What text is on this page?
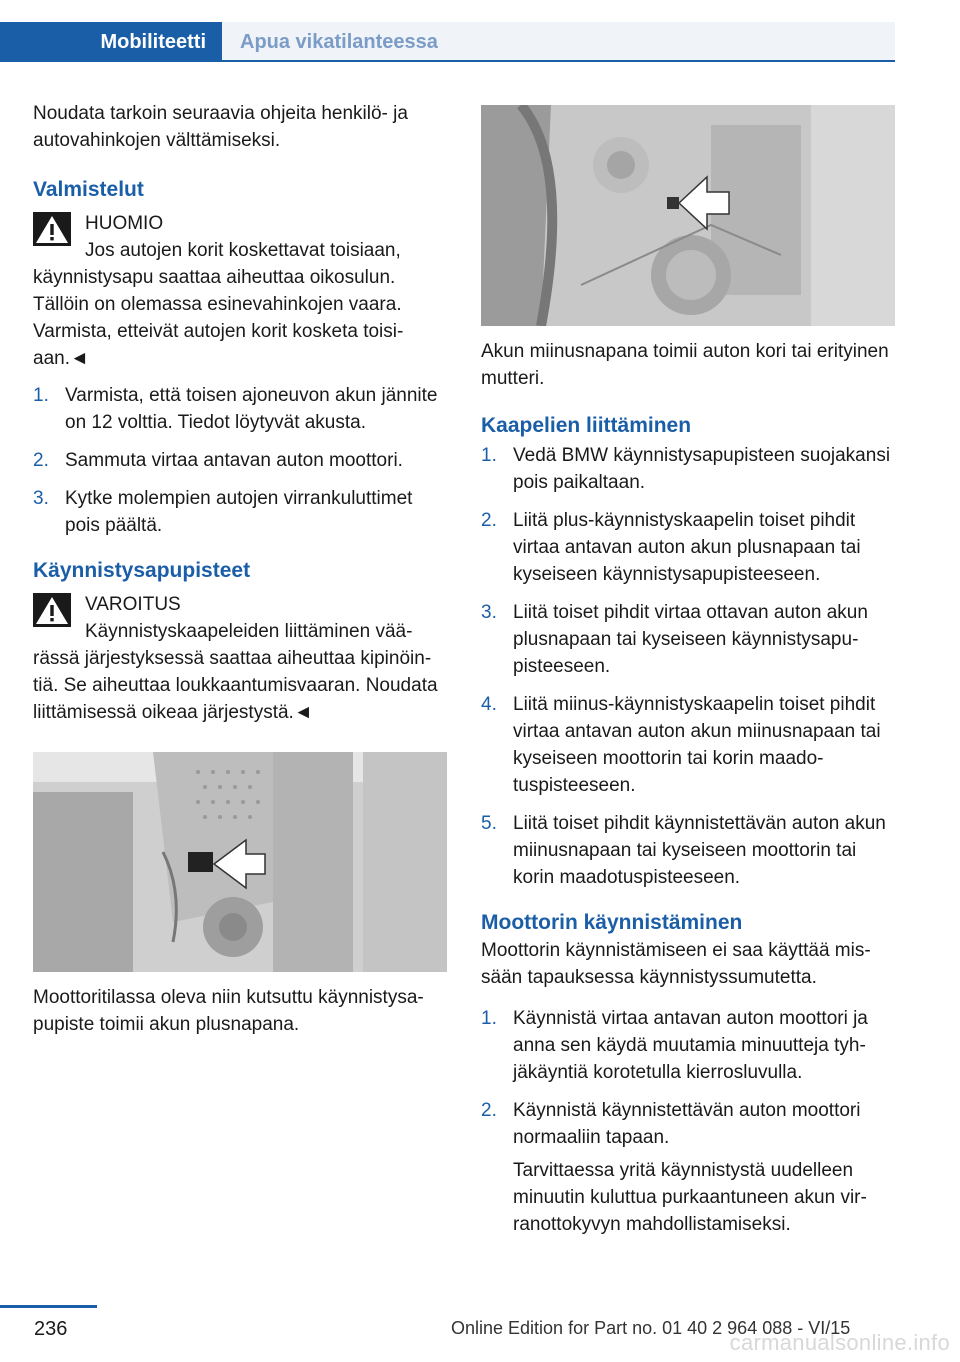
Mobiliteetti	Apua vikatilanteessa

Noudata tarkoin seuraavia ohjeita henkilö- ja autovahinkojen välttämiseksi.

Valmistelut

HUOMIO

Jos autojen korit koskettavat toisiaan, käynnistysapu saattaa aiheuttaa oikosulun. Tällöin on olemassa esinevahinkojen vaara. Varmista, etteivät autojen korit kosketa toisiaan.◄

1. Varmista, että toisen ajoneuvon akun jännite on 12 volttia. Tiedot löytyvät akusta.
2. Sammuta virtaa antavan auton moottori.
3. Kytke molempien autojen virrankuluttimet pois päältä.

Käynnistysapupisteet

VAROITUS

Käynnistyskaapeleiden liittäminen väärässä järjestyksessä saattaa aiheuttaa kipinöintiä. Se aiheuttaa loukkaantumisvaaran. Noudata liittämisessä oikeaa järjestystä.◄

Moottoritilassa oleva niin kutsuttu käynnistysapupiste toimii akun plusnapana.

Akun miinusnapana toimii auton kori tai erityinen mutteri.

Kaapelien liittäminen

1. Vedä BMW käynnistysapupisteen suojakansi pois paikaltaan.
2. Liitä plus-käynnistyskaapelin toiset pihdit virtaa antavan auton akun plusnapaan tai kyseiseen käynnistysapupisteeseen.
3. Liitä toiset pihdit virtaa ottavan auton akun plusnapaan tai kyseiseen käynnistysapupisteeseen.
4. Liitä miinus-käynnistyskaapelin toiset pihdit virtaa antavan auton akun miinusnapaan tai kyseiseen moottorin tai korin maadotuspisteeseen.
5. Liitä toiset pihdit käynnistettävän auton akun miinusnapaan tai kyseiseen moottorin tai korin maadotuspisteeseen.

Moottorin käynnistäminen

Moottorin käynnistämiseen ei saa käyttää missään tapauksessa käynnistyssumutetta.

1. Käynnistä virtaa antavan auton moottori ja anna sen käydä muutamia minuutteja tyhjäkäyntiä korotetulla kierrosluvulla.
2. Käynnistä käynnistettävän auton moottori normaaliin tapaan.

Tarvittaessa yritä käynnistystä uudelleen minuutin kuluttua purkaantuneen akun virranottokyvyn mahdollistamiseksi.

236	Online Edition for Part no. 01 40 2 964 088 - VI/15
carmanualsonline.info
